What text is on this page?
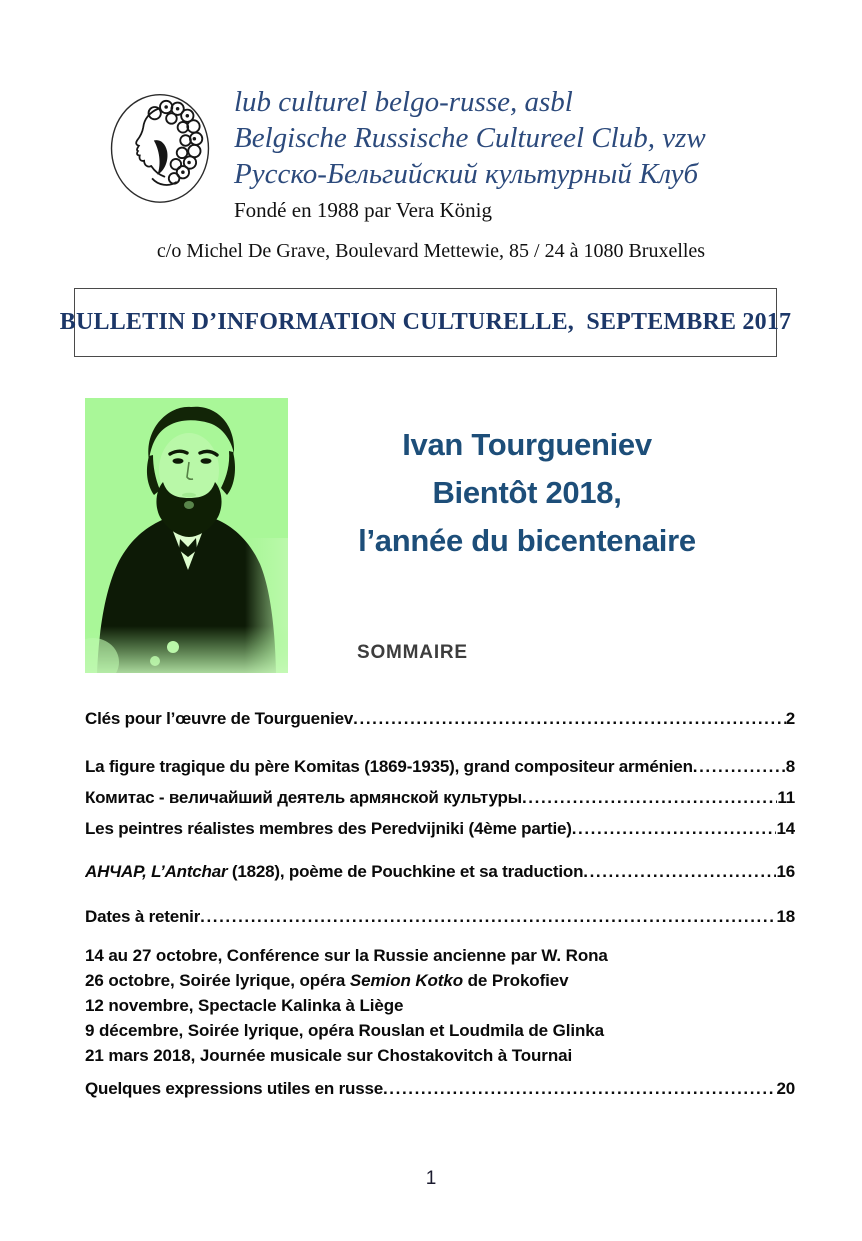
lub culturel belgo-russe, asbl
Belgische Russische Cultureel Club, vzw
Русско-Бельгийский культурный Клуб
Fondé en 1988 par Vera König
c/o Michel De Grave, Boulevard Mettewie, 85 / 24 à 1080 Bruxelles
BULLETIN D’INFORMATION CULTURELLE,  SEPTEMBRE 2017
Ivan Tourgueniev
Bientôt 2018,
l’année du bicentenaire
SOMMAIRE
Clés pour l’œuvre de Tourgueniev .....	2
La figure tragique du père Komitas (1869-1935), grand compositeur arménien .....	8
Комитас - величайший деятель армянской культуры .....	11
Les peintres réalistes membres des Peredvijniki (4ème partie) .....	14
АНЧАР, L’Antchar (1828), poème de Pouchkine et sa traduction .....	16
Dates à retenir .....	18
14 au 27 octobre, Conférence sur la Russie ancienne par W. Rona
26 octobre, Soirée lyrique, opéra Semion Kotko de Prokofiev
12 novembre, Spectacle Kalinka à Liège
9 décembre, Soirée lyrique, opéra Rouslan et Loudmila de Glinka
21 mars 2018, Journée musicale sur Chostakovitch à Tournai
Quelques expressions utiles en russe .....	20
1
